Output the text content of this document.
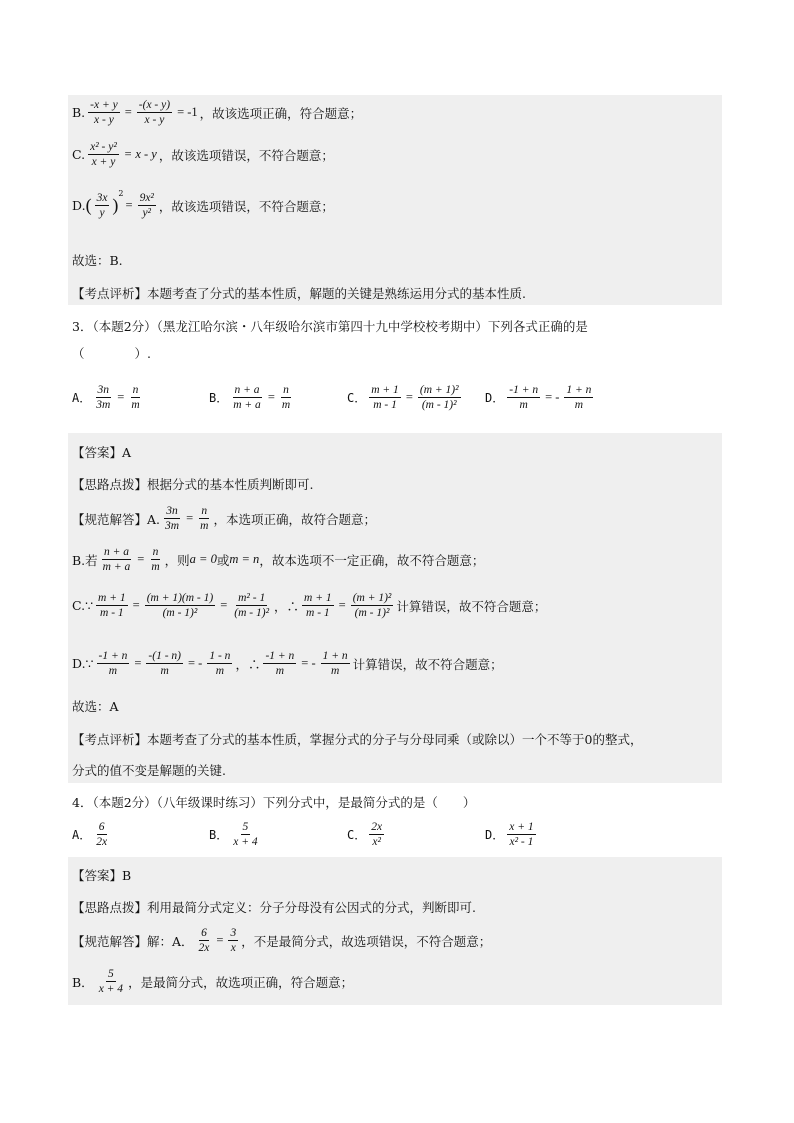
B. $\frac{-x + y}{x - y} = \frac{-(x - y)}{x - y} = -1$ ，故该选项正确，符合题意；
C. $\frac{\text{x² - y²}}{x + y} = x - y$ ，故该选项错误，不符合题意；
D. ( $\frac{3x}{y}$ )
$^2$
= $\frac{\text{9x²}}{\text{y²}}$ ，故该选项错误，不符合题意；
故选：B.
【考点评析】本题考查了分式的基本性质，解题的关键是熟练运用分式的基本性质.
3．（本题2分）（黑龙江哈尔滨・八年级哈尔滨市第四十九中学校校考期中）下列各式正确的是
（　　　　）.
A． $\frac{3n}{3m} = \frac{n}{m}$	B． $\frac{n + a}{m + a} = \frac{n}{m}$	C． $\frac{m + 1}{m - 1} = \frac{\text{(m + 1)²}}{\text{(m - 1)²}}$ D． $\frac{-1 + n}{m}$ = - $\frac{1 + n}{m}$
【答案】A
【思路点拨】根据分式的基本性质判断即可.
【规范解答】A. $\frac{3n}{3m} = \frac{n}{m}$ ，本选项正确，故符合题意；
B.若 $\frac{n + a}{m + a} = \frac{n}{m}$ ，则 a = 0 或 m = n ，故本选项不一定正确，故不符合题意；
C.∵ $\frac{m + 1}{m - 1} = \frac{(m + 1)(m - 1)}{\text{(m - 1)²}} = \frac{\text{m² - 1}}{\text{(m - 1)²}}$ ，∴ $\frac{m + 1}{m - 1} = \frac{\text{(m + 1)²}}{\text{(m - 1)²}}$ 计算错误，故不符合题意；
D.∵ $\frac{-1 + n}{m} = \frac{-(1 - n)}{m}$ = - $\frac{1 - n}{m}$ ，∴ $\frac{-1 + n}{m}$ = - $\frac{1 + n}{m}$ 计算错误，故不符合题意；
故选：A
【考点评析】本题考查了分式的基本性质，掌握分式的分子与分母同乘（或除以）一个不等于0的整式，
分式的值不变是解题的关键.
4．（本题2分）（八年级课时练习）下列分式中，是最简分式的是（　　）
A． $\frac{6}{2x}$	B． $\frac{5}{x + 4}$	C． $\frac{2x}{\text{x²}}$	D． $\frac{x + 1}{\text{x² - 1}}$
【答案】B
【思路点拨】利用最简分式定义：分子分母没有公因式的分式，判断即可.
【规范解答】解：A． $\frac{6}{2x} = \frac{3}{x}$ ，不是最简分式，故选项错误，不符合题意；
B． $\frac{5}{x + 4}$ ，是最简分式，故选项正确，符合题意；
